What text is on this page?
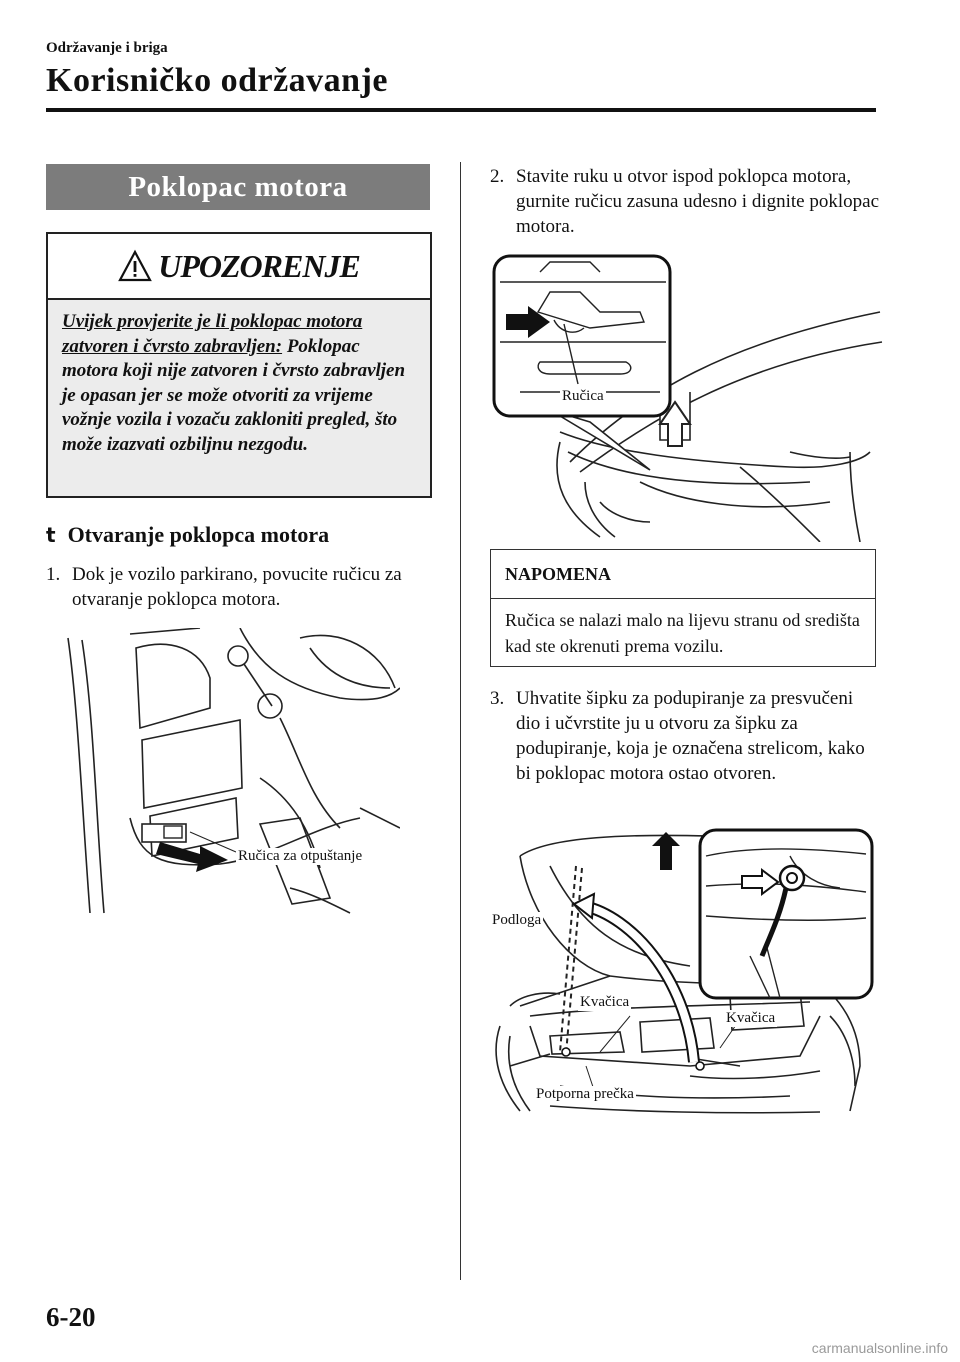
Održavanje i briga
Korisničko održavanje
Poklopac motora
UPOZORENJE
Uvijek provjerite je li poklopac motora zatvoren i čvrsto zabravljen: Poklopac motora koji nije zatvoren i čvrsto zabravljen je opasan jer se može otvoriti za vrijeme vožnje vozila i vozaču zakloniti pregled, što može izazvati ozbiljnu nezgodu.
t Otvaranje poklopca motora
1. Dok je vozilo parkirano, povucite ručicu za otvaranje poklopca motora.
Ručica za otpuštanje
2. Stavite ruku u otvor ispod poklopca motora, gurnite ručicu zasuna udesno i dignite poklopac motora.
Ručica
NAPOMENA
Ručica se nalazi malo na lijevu stranu od središta kad ste okrenuti prema vozilu.
3. Uhvatite šipku za podupiranje za presvučeni dio i učvrstite ju u otvoru za šipku za podupiranje, koja je označena strelicom, kako bi poklopac motora ostao otvoren.
Podloga
Kvačica
Kvačica
Potporna prečka
6-20
carmanualsonline.info
